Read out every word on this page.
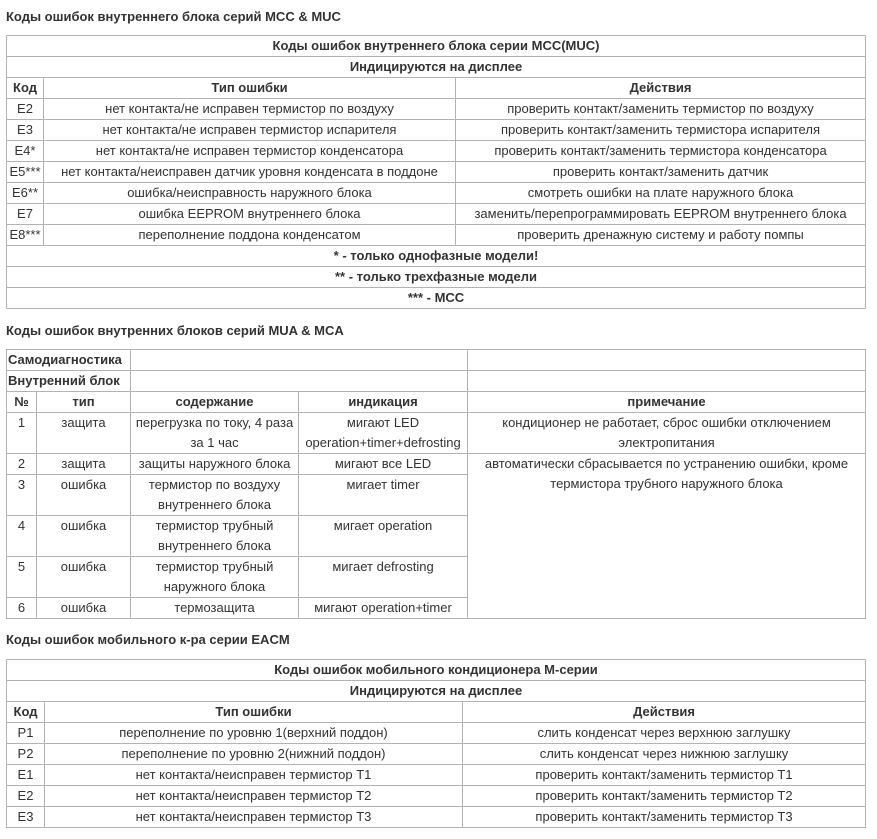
Коды ошибок внутреннего блока серий MCC & MUC
Коды ошибок внутреннего блока серии MCC(MUC)		
Индицируются на дисплее		
Код	Тип ошибки	Действия
E2	нет контакта/не исправен термистор по воздуху	проверить контакт/заменить термистор по воздуху
E3	нет контакта/не исправен термистор испарителя	проверить контакт/заменить термистора испарителя
E4*	нет контакта/не исправен термистор конденсатора	проверить контакт/заменить термистора конденсатора
E5***	нет контакта/неисправен датчик уровня конденсата в поддоне	проверить контакт/заменить датчик
E6**	ошибка/неисправность наружного блока	смотреть ошибки на плате наружного блока
E7	ошибка EEPROM внутреннего блока	заменить/перепрограммировать EEPROM внутреннего блока
E8***	переполнение поддона конденсатом	проверить дренажную систему и работу помпы
* - только однофазные модели!		
** - только трехфазные модели		
*** - MCC		
Коды ошибок внутренних блоков серий MUA & MCA
Самодиагностика				
Внутренний блок				
№	тип	содержание	индикация	примечание
1	защита	перегрузка по току, 4 раза за 1 час	мигают LED operation+timer+defrosting	кондиционер не работает, сброс ошибки отключением электропитания
2	защита	защиты наружного блока	мигают все LED	автоматически сбрасывается по устранению ошибки, кроме термистора трубного наружного блока
3	ошибка	термистор по воздуху внутреннего блока	мигает timer	
4	ошибка	термистор трубный внутреннего блока	мигает operation	
5	ошибка	термистор трубный наружного блока	мигает defrosting	
6	ошибка	термозащита	мигают operation+timer	
Коды ошибок мобильного к-ра серии EACM
Коды ошибок мобильного кондиционера М-серии		
Индицируются на дисплее		
Код	Тип ошибки	Действия
P1	переполнение по уровню 1(верхний поддон)	слить конденсат через верхнюю заглушку
P2	переполнение по уровню 2(нижний поддон)	слить конденсат через нижнюю заглушку
E1	нет контакта/неисправен термистор T1	проверить контакт/заменить термистор T1
E2	нет контакта/неисправен термистор T2	проверить контакт/заменить термистор T2
E3	нет контакта/неисправен термистор T3	проверить контакт/заменить термистор T3
